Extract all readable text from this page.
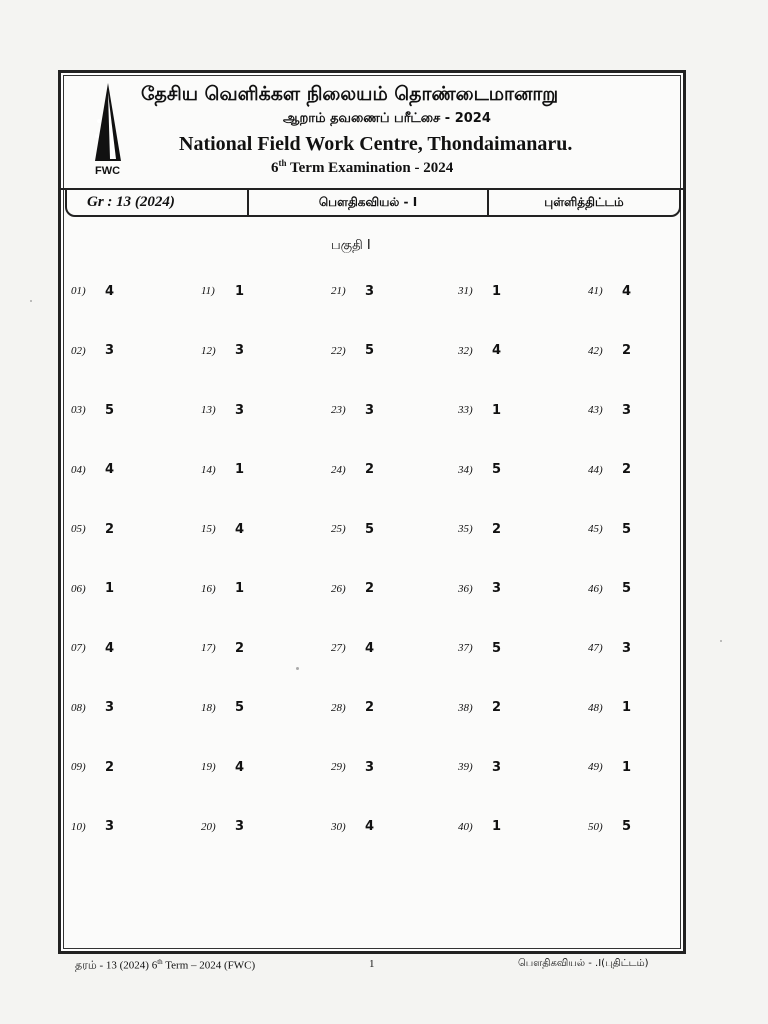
FWC
தேசிய வெளிக்கள நிலையம் தொண்டைமானாறு
ஆறாம் தவணைப் பரீட்சை - 2024
National Field Work Centre, Thondaimanaru.
6th Term Examination - 2024
Gr : 13 (2024)	பௌதிகவியல் - I	புள்ளித்திட்டம்
பகுதி I
01)	4
02)	3
03)	5
04)	4
05)	2
06)	1
07)	4
08)	3
09)	2
10)	3
11)	1
12)	3
13)	3
14)	1
15)	4
16)	1
17)	2
18)	5
19)	4
20)	3
21)	3
22)	5
23)	3
24)	2
25)	5
26)	2
27)	4
28)	2
29)	3
30)	4
31)	1
32)	4
33)	1
34)	5
35)	2
36)	3
37)	5
38)	2
39)	3
40)	1
41)	4
42)	2
43)	3
44)	2
45)	5
46)	5
47)	3
48)	1
49)	1
50)	5
தரம் - 13 (2024) 6th Term – 2024 (FWC)	1	பௌதிகவியல் - .I(புதிட்டம்)
